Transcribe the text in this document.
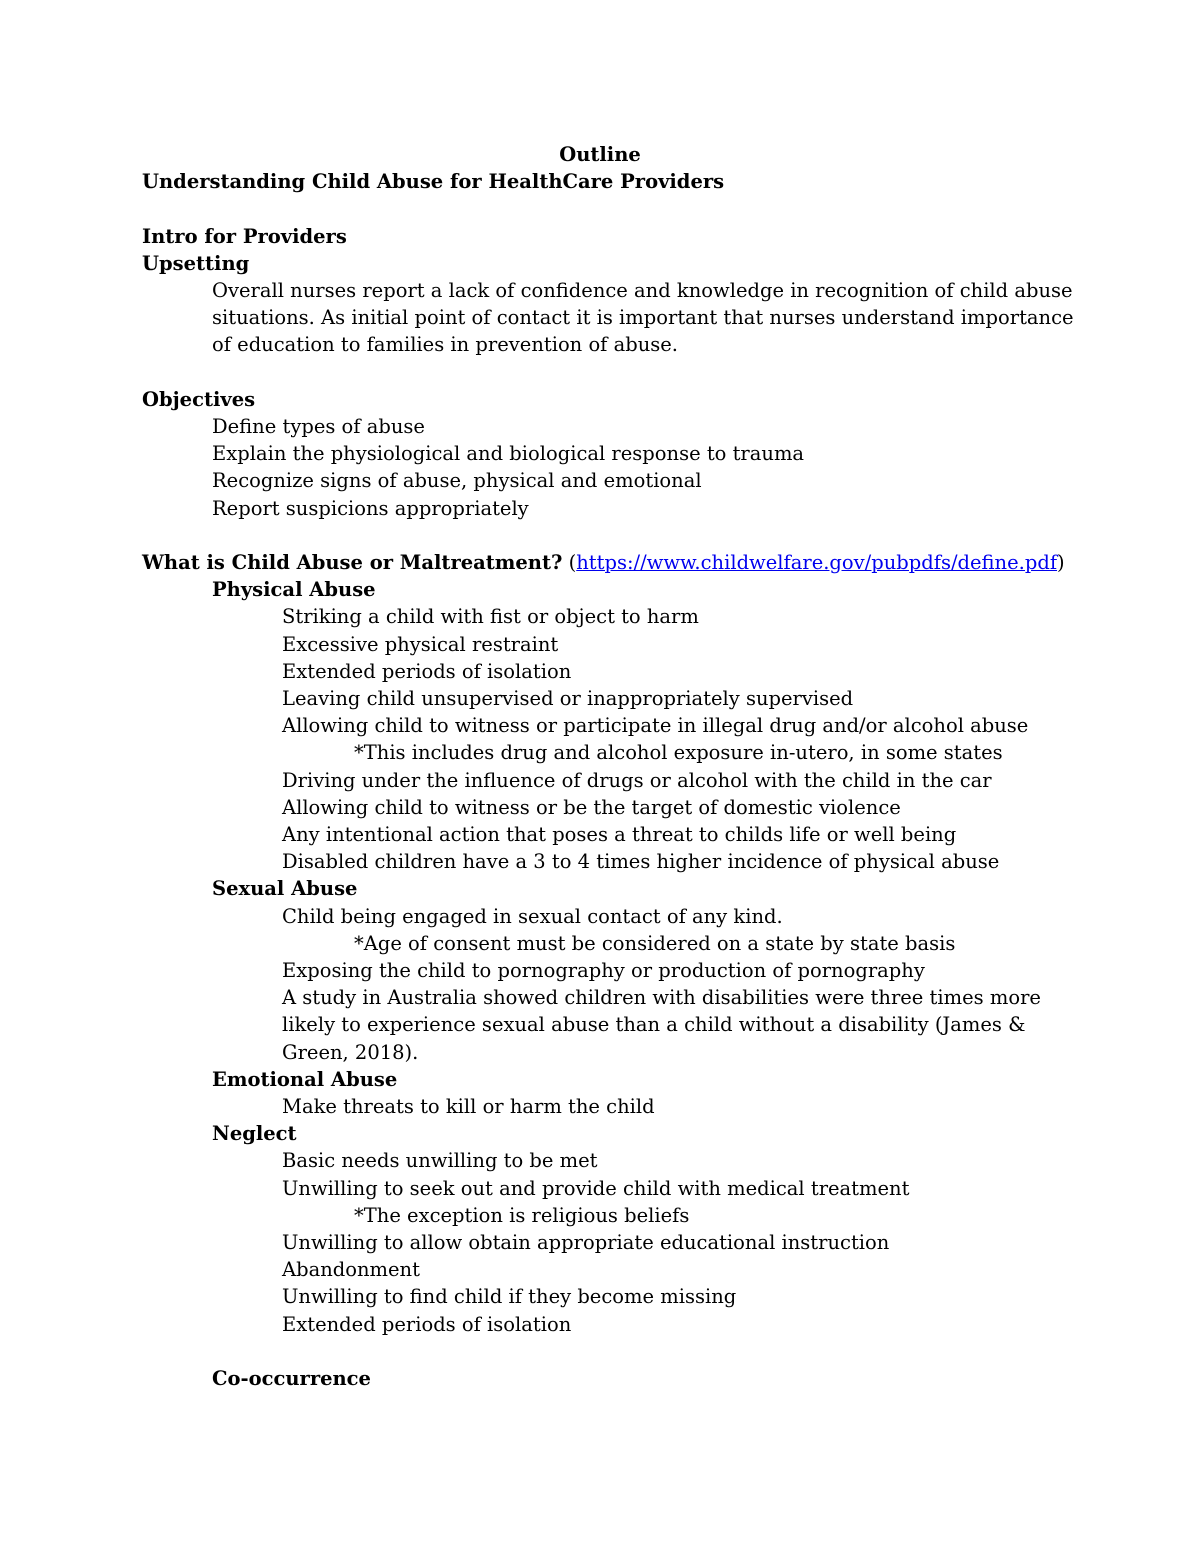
Outline

Understanding Child Abuse for HealthCare Providers

Intro for Providers

Upsetting

Overall nurses report a lack of confidence and knowledge in recognition of child abuse

situations. As initial point of contact it is important that nurses understand importance

of education to families in prevention of abuse.

Objectives

Define types of abuse

Explain the physiological and biological response to trauma

Recognize signs of abuse, physical and emotional

Report suspicions appropriately

What is Child Abuse or Maltreatment? (https://www.childwelfare.gov/pubpdfs/define.pdf)

Physical Abuse

Striking a child with fist or object to harm

Excessive physical restraint

Extended periods of isolation

Leaving child unsupervised or inappropriately supervised

Allowing child to witness or participate in illegal drug and/or alcohol abuse

*This includes drug and alcohol exposure in-utero, in some states

Driving under the influence of drugs or alcohol with the child in the car

Allowing child to witness or be the target of domestic violence

Any intentional action that poses a threat to childs life or well being

Disabled children have a 3 to 4 times higher incidence of physical abuse

Sexual Abuse

Child being engaged in sexual contact of any kind.

*Age of consent must be considered on a state by state basis

Exposing the child to pornography or production of pornography

A study in Australia showed children with disabilities were three times more

likely to experience sexual abuse than a child without a disability (James &

Green, 2018).

Emotional Abuse

Make threats to kill or harm the child

Neglect

Basic needs unwilling to be met

Unwilling to seek out and provide child with medical treatment

*The exception is religious beliefs

Unwilling to allow obtain appropriate educational instruction

Abandonment

Unwilling to find child if they become missing

Extended periods of isolation

Co-occurrence
